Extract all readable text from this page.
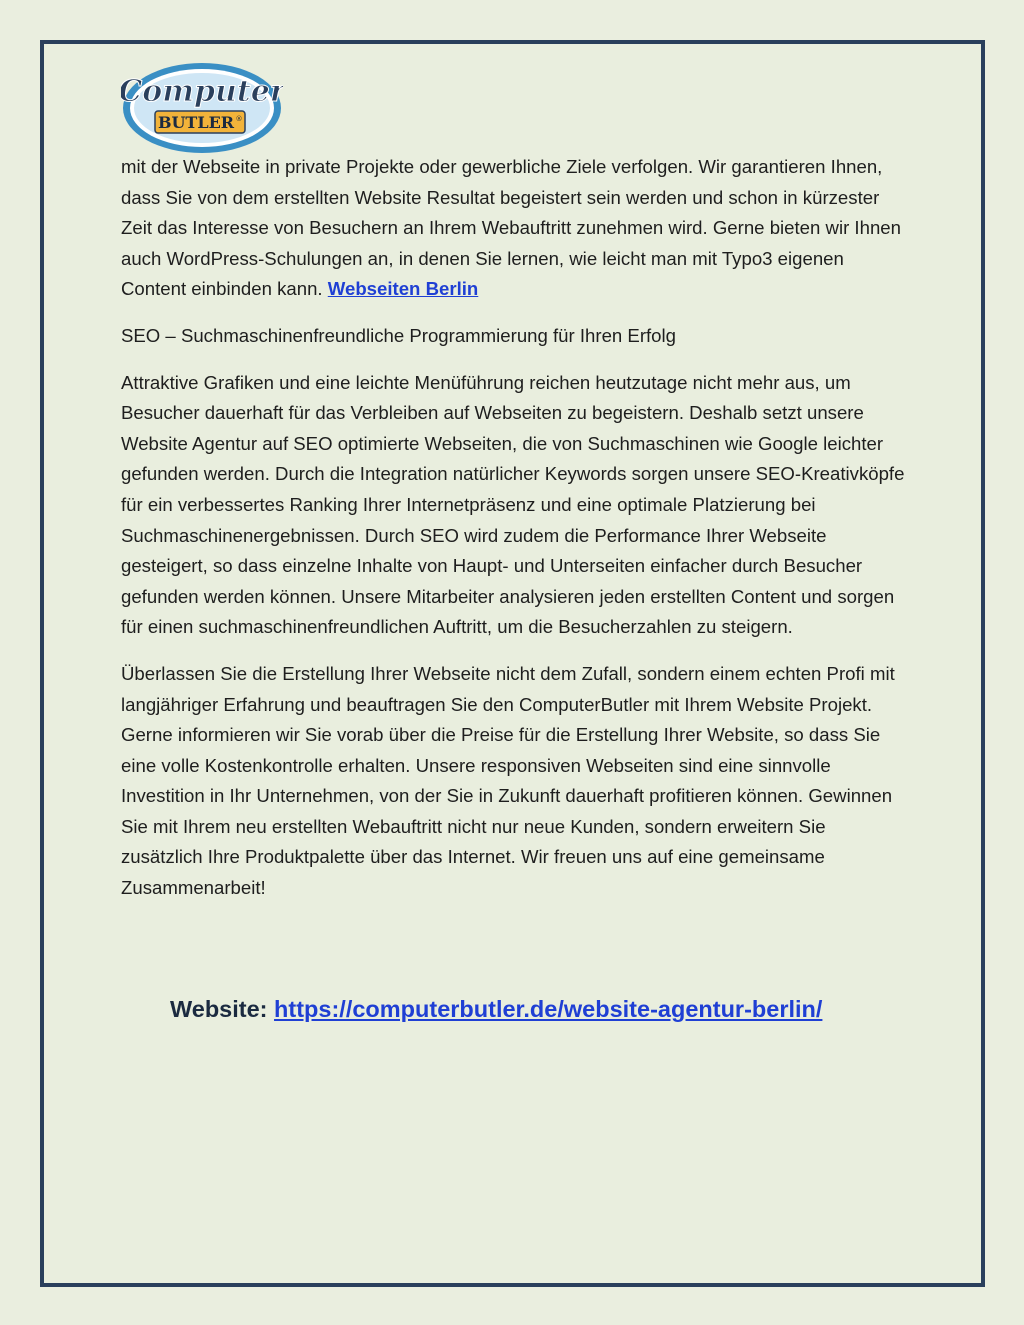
Computer
BUTLER ®

mit der Webseite in private Projekte oder gewerbliche Ziele verfolgen. Wir garantieren Ihnen, dass Sie von dem erstellten Website Resultat begeistert sein werden und schon in kürzester Zeit das Interesse von Besuchern an Ihrem Webauftritt zunehmen wird. Gerne bieten wir Ihnen auch WordPress-Schulungen an, in denen Sie lernen, wie leicht man mit Typo3 eigenen Content einbinden kann. Webseiten Berlin

SEO – Suchmaschinenfreundliche Programmierung für Ihren Erfolg

Attraktive Grafiken und eine leichte Menüführung reichen heutzutage nicht mehr aus, um Besucher dauerhaft für das Verbleiben auf Webseiten zu begeistern. Deshalb setzt unsere Website Agentur auf SEO optimierte Webseiten, die von Suchmaschinen wie Google leichter gefunden werden. Durch die Integration natürlicher Keywords sorgen unsere SEO-Kreativköpfe für ein verbessertes Ranking Ihrer Internetpräsenz und eine optimale Platzierung bei Suchmaschinenergebnissen. Durch SEO wird zudem die Performance Ihrer Webseite gesteigert, so dass einzelne Inhalte von Haupt- und Unterseiten einfacher durch Besucher gefunden werden können. Unsere Mitarbeiter analysieren jeden erstellten Content und sorgen für einen suchmaschinenfreundlichen Auftritt, um die Besucherzahlen zu steigern.

Überlassen Sie die Erstellung Ihrer Webseite nicht dem Zufall, sondern einem echten Profi mit langjähriger Erfahrung und beauftragen Sie den ComputerButler mit Ihrem Website Projekt. Gerne informieren wir Sie vorab über die Preise für die Erstellung Ihrer Website, so dass Sie eine volle Kostenkontrolle erhalten. Unsere responsiven Webseiten sind eine sinnvolle Investition in Ihr Unternehmen, von der Sie in Zukunft dauerhaft profitieren können. Gewinnen Sie mit Ihrem neu erstellten Webauftritt nicht nur neue Kunden, sondern erweitern Sie zusätzlich Ihre Produktpalette über das Internet. Wir freuen uns auf eine gemeinsame Zusammenarbeit!

Website: https://computerbutler.de/website-agentur-berlin/
